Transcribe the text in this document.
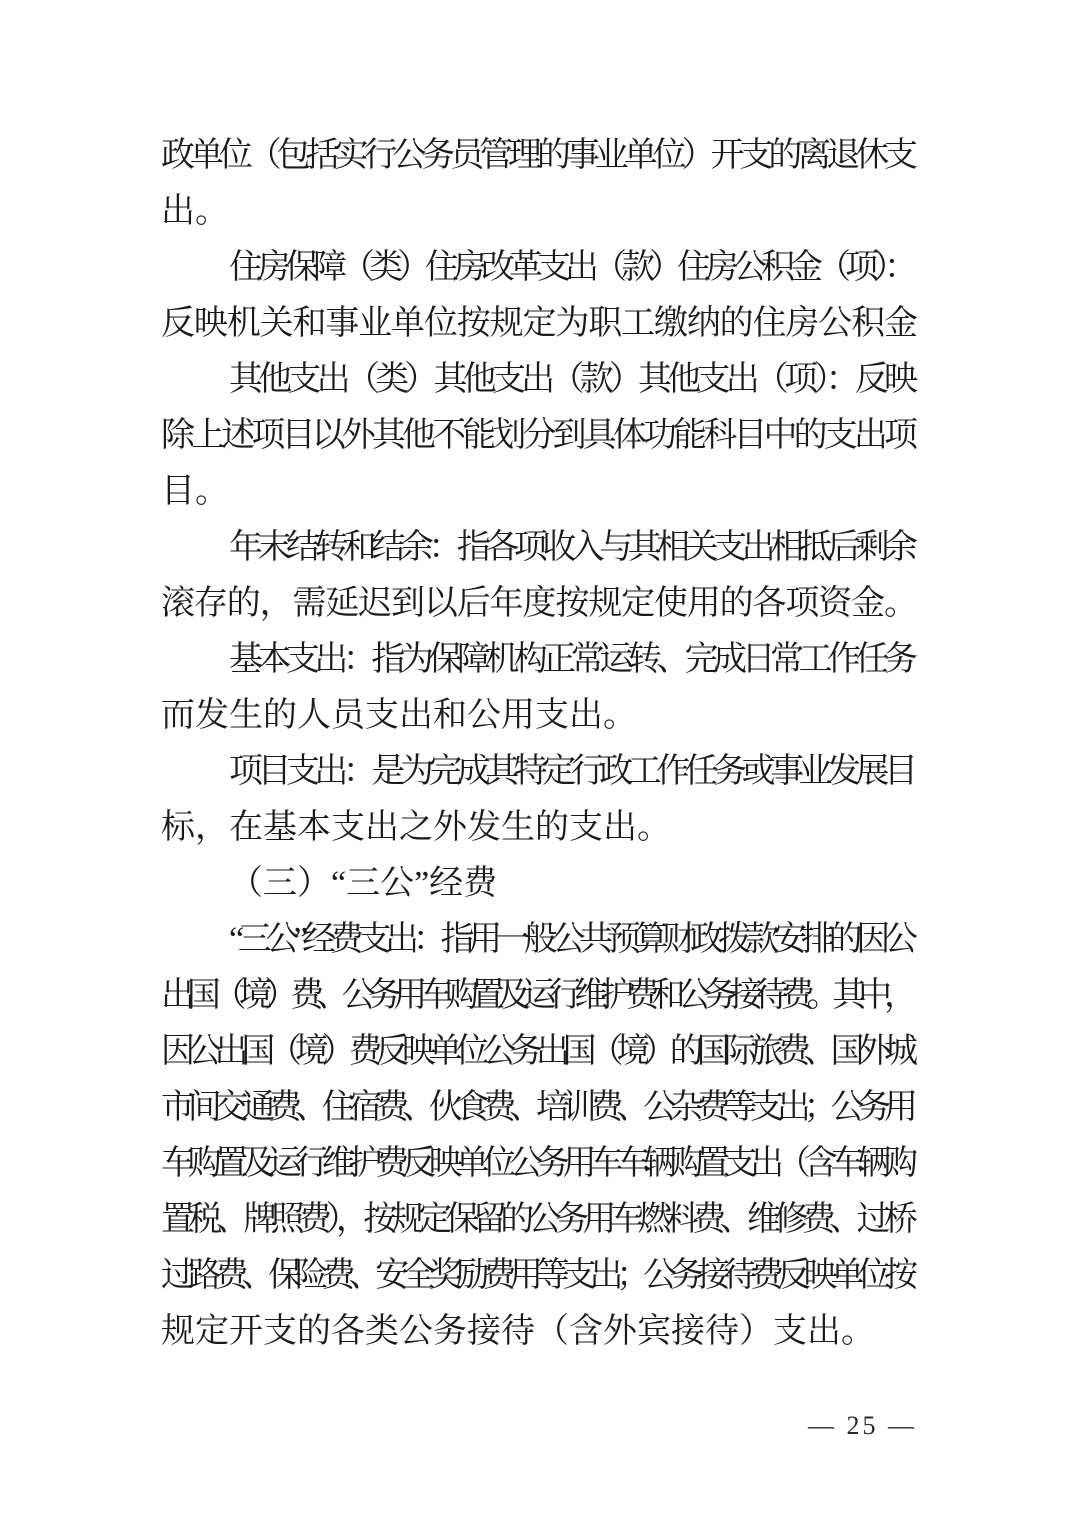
政单位（包括实行公务员管理的事业单位）开支的离退休支
出。
住房保障（类）住房改革支出（款）住房公积金（项）：
反映机关和事业单位按规定为职工缴纳的住房公积金
其他支出（类）其他支出（款）其他支出（项）：反映
除上述项目以外其他不能划分到具体功能科目中的支出项
目。
年末结转和结余：指各项收入与其相关支出相抵后剩余
滚存的，需延迟到以后年度按规定使用的各项资金。
基本支出：指为保障机构正常运转、完成日常工作任务
而发生的人员支出和公用支出。
项目支出：是为完成其特定行政工作任务或事业发展目
标，在基本支出之外发生的支出。
（三）“三公”经费
“三公”经费支出：指用一般公共预算财政拨款安排的因公
出国（境）费、公务用车购置及运行维护费和公务接待费。其中，
因公出国（境）费反映单位公务出国（境）的国际旅费、国外城
市间交通费、住宿费、伙食费、培训费、公杂费等支出；公务用
车购置及运行维护费反映单位公务用车车辆购置支出（含车辆购
置税、牌照费），按规定保留的公务用车燃料费、维修费、过桥
过路费、保险费、安全奖励费用等支出；公务接待费反映单位按
规定开支的各类公务接待（含外宾接待）支出。
— 25 —
